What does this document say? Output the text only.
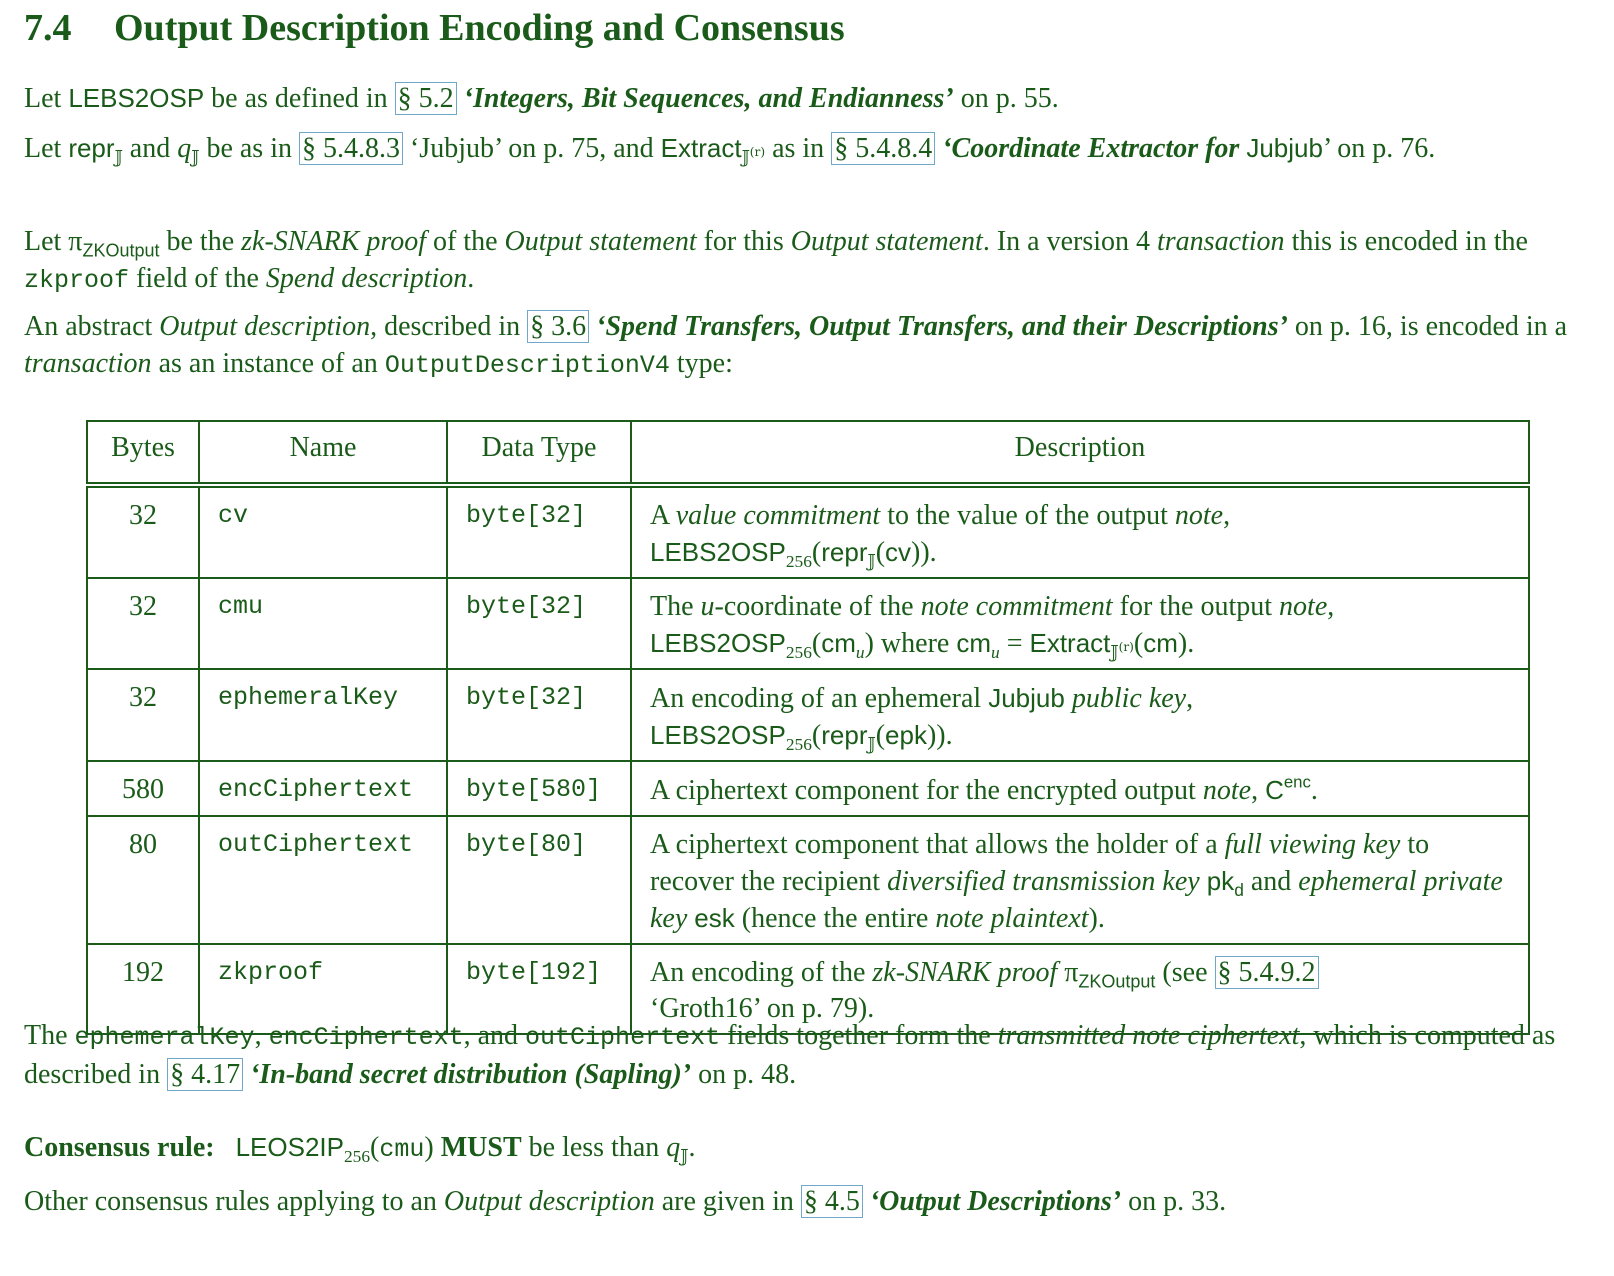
7.4 Output Description Encoding and Consensus

Let LEBS2OSP be as defined in § 5.2 ‘Integers, Bit Sequences, and Endianness’ on p. 55.

Let repr$_𝕁$ and $q_𝕁$ be as in § 5.4.8.3 ‘Jubjub’ on p. 75, and Extract$_{𝕁^{(r)}}$ as in § 5.4.8.4 ‘Coordinate Extractor for Jubjub’ on p. 76.

Let $\pi_{ZKOutput}$ be the zk-SNARK proof of the Output statement for this Output statement. In a version 4 transaction this is encoded in the zkproof field of the Spend description.

An abstract Output description, described in § 3.6 ‘Spend Transfers, Output Transfers, and their Descriptions’ on p. 16, is encoded in a transaction as an instance of an OutputDescriptionV4 type:

Bytes	Name	Data Type	Description
32	cv	byte[32]	A value commitment to the value of the output note,
$LEBS2OSP_{256}(repr_𝕁(cv))$.
32	cmu	byte[32]	The u-coordinate of the note commitment for the output note,
$LEBS2OSP_{256}(cm_u)$ where $cm_u$ = Extract$_{𝕁^{(r)}}$(cm).
32	ephemeralKey	byte[32]	An encoding of an ephemeral Jubjub public key,
$LEBS2OSP_{256}(repr_𝕁(epk))$.
580	encCiphertext	byte[580]	A ciphertext component for the encrypted output note, $C^{enc}$.
80	outCiphertext	byte[80]	A ciphertext component that allows the holder of a full viewing key to recover the recipient diversified transmission key $pk_d$ and ephemeral private key esk (hence the entire note plaintext).
192	zkproof	byte[192]	An encoding of the zk-SNARK proof $\pi_{ZKOutput}$ (see § 5.4.9.2
‘Groth16’ on p. 79).

The ephemeralKey, encCiphertext, and outCiphertext fields together form the transmitted note ciphertext, which is computed as described in § 4.17 ‘In-band secret distribution (Sapling)’ on p. 48.

Consensus rule: $LEOS2IP_{256}(cmu)$ MUST be less than $q_𝕁$.

Other consensus rules applying to an Output description are given in § 4.5 ‘Output Descriptions’ on p. 33.
